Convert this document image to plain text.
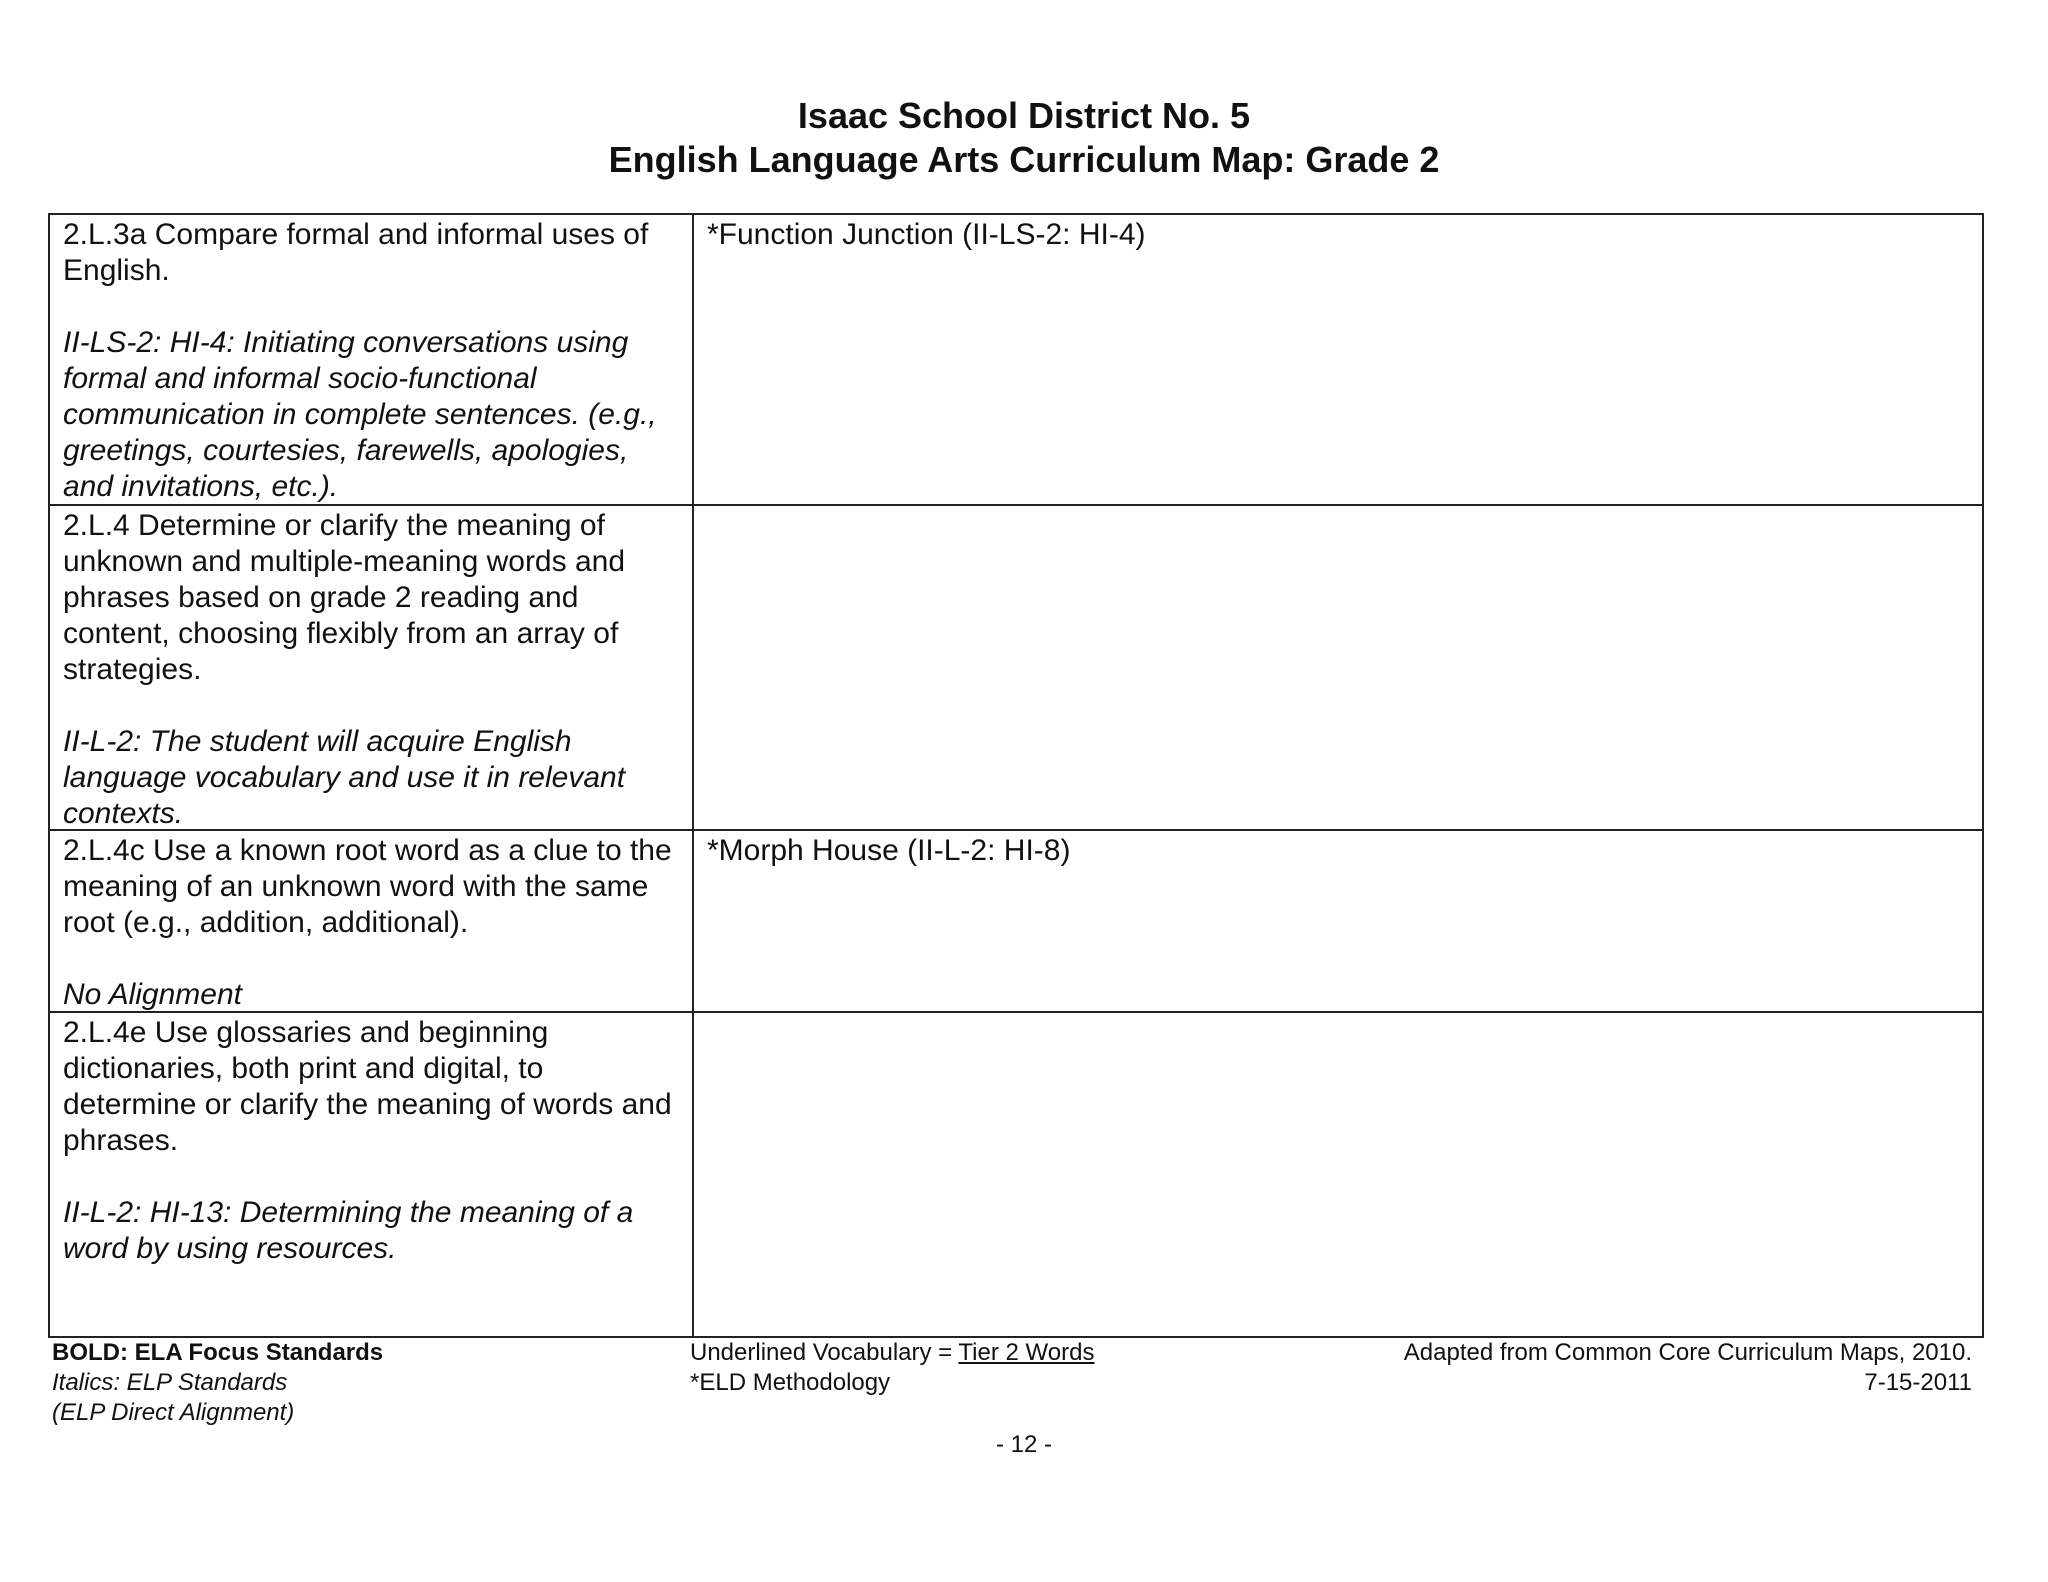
Isaac School District No. 5
English Language Arts Curriculum Map: Grade 2
2.L.3a Compare formal and informal uses of English.
II-LS-2: HI-4: Initiating conversations using formal and informal socio-functional communication in complete sentences. (e.g., greetings, courtesies, farewells, apologies, and invitations, etc.).
*Function Junction (II-LS-2: HI-4)
2.L.4 Determine or clarify the meaning of unknown and multiple-meaning words and phrases based on grade 2 reading and content, choosing flexibly from an array of strategies.
II-L-2: The student will acquire English language vocabulary and use it in relevant contexts.
2.L.4c Use a known root word as a clue to the meaning of an unknown word with the same root (e.g., addition, additional).
No Alignment
*Morph House (II-L-2: HI-8)
2.L.4e Use glossaries and beginning dictionaries, both print and digital, to determine or clarify the meaning of words and phrases.
II-L-2: HI-13: Determining the meaning of a word by using resources.
BOLD: ELA Focus Standards
Italics: ELP Standards
(ELP Direct Alignment)
Underlined Vocabulary = Tier 2 Words
*ELD Methodology
Adapted from Common Core Curriculum Maps, 2010.
7-15-2011
- 12 -
